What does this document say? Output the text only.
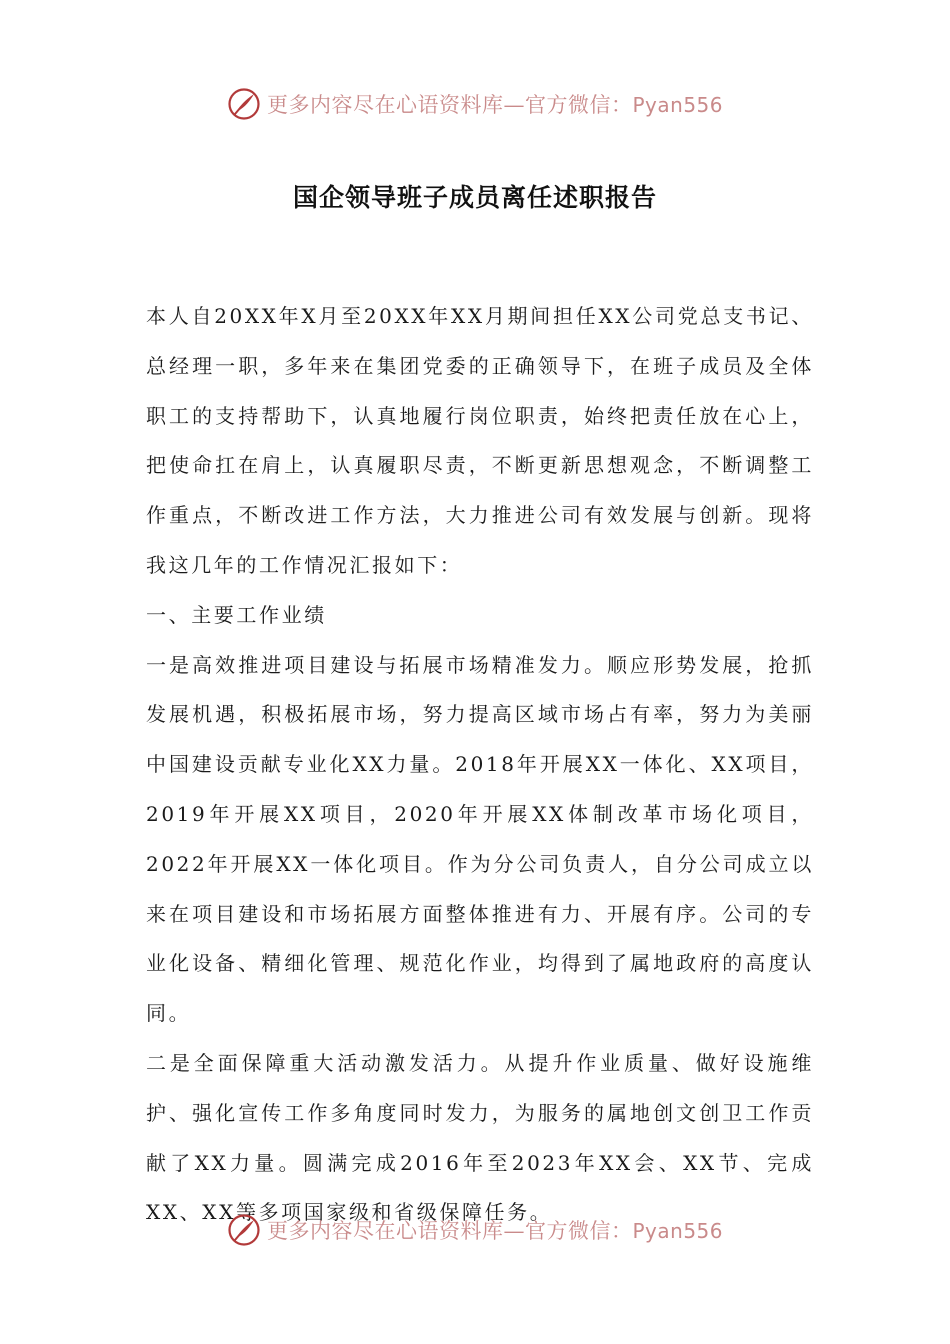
更多内容尽在心语资料库—官方微信：Pyan556
国企领导班子成员离任述职报告

本人自20XX年X月至20XX年XX月期间担任XX公司党总支书记、总经理一职，多年来在集团党委的正确领导下，在班子成员及全体职工的支持帮助下，认真地履行岗位职责，始终把责任放在心上，把使命扛在肩上，认真履职尽责，不断更新思想观念，不断调整工作重点，不断改进工作方法，大力推进公司有效发展与创新。现将我这几年的工作情况汇报如下：

一、主要工作业绩

一是高效推进项目建设与拓展市场精准发力。顺应形势发展，抢抓发展机遇，积极拓展市场，努力提高区域市场占有率，努力为美丽中国建设贡献专业化XX力量。2018年开展XX一体化、XX项目，2019年开展XX项目，2020年开展XX体制改革市场化项目，2022年开展XX一体化项目。作为分公司负责人，自分公司成立以来在项目建设和市场拓展方面整体推进有力、开展有序。公司的专业化设备、精细化管理、规范化作业，均得到了属地政府的高度认同。

二是全面保障重大活动激发活力。从提升作业质量、做好设施维护、强化宣传工作多角度同时发力，为服务的属地创文创卫工作贡献了XX力量。圆满完成2016年至2023年XX会、XX节、完成XX、XX等多项国家级和省级保障任务。

更多内容尽在心语资料库—官方微信：Pyan556
